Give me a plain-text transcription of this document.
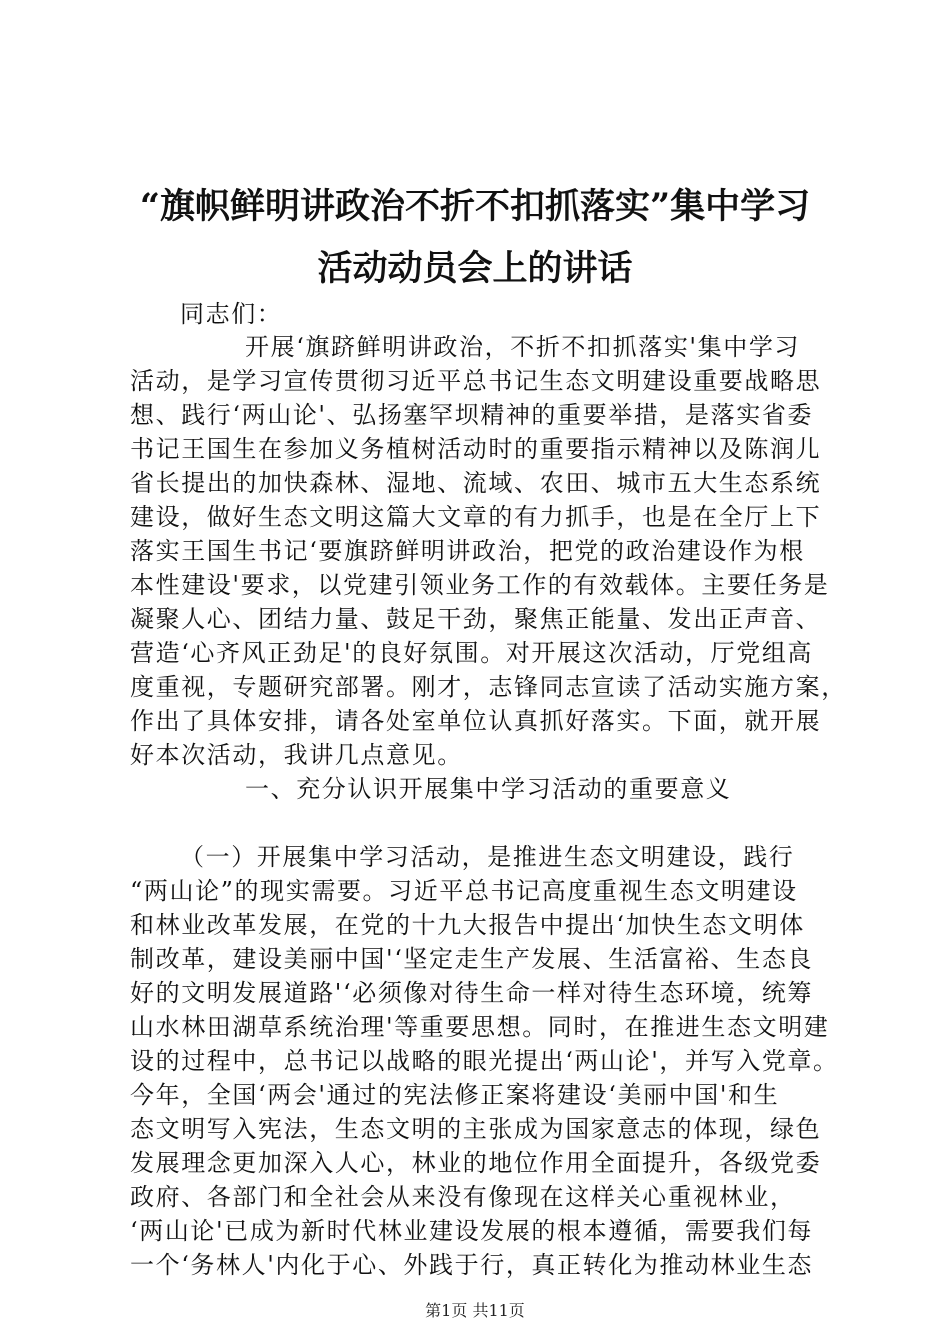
“旗帜鲜明讲政治不折不扣抓落实”集中学习
活动动员会上的讲话

同志们：

开展‘旗跻鲜明讲政治，不折不扣抓落实'集中学习

活动，是学习宣传贯彻习近平总书记生态文明建设重要战略思

想、践行‘两山论'、弘扬塞罕坝精神的重要举措，是落实省委

书记王国生在参加义务植树活动时的重要指示精神以及陈润儿

省长提出的加快森林、湿地、流域、农田、城市五大生态系统

建设，做好生态文明这篇大文章的有力抓手，也是在全厅上下

落实王国生书记‘要旗跻鲜明讲政治，把党的政治建设作为根

本性建设'要求，以党建引领业务工作的有效载体。主要任务是

凝聚人心、团结力量、鼓足干劲，聚焦正能量、发出正声音、

营造‘心齐风正劲足'的良好氛围。对开展这次活动，厅党组高

度重视，专题研究部署。刚才，志锋同志宣读了活动实施方案，

作出了具体安排，请各处室单位认真抓好落实。下面，就开展

好本次活动，我讲几点意见。

一、充分认识开展集中学习活动的重要意义

（一）开展集中学习活动，是推进生态文明建设，践行

“两山论”的现实需要。习近平总书记高度重视生态文明建设

和林业改革发展，在党的十九大报告中提出‘加快生态文明体

制改革，建设美丽中国'‘坚定走生产发展、生活富裕、生态良

好的文明发展道路'‘必须像对待生命一样对待生态环境，统筹

山水林田湖草系统治理'等重要思想。同时，在推进生态文明建

设的过程中，总书记以战略的眼光提出‘两山论'，并写入党章。

今年，全国‘两会'通过的宪法修正案将建设‘美丽中国'和生

态文明写入宪法，生态文明的主张成为国家意志的体现，绿色

发展理念更加深入人心，林业的地位作用全面提升，各级党委

政府、各部门和全社会从来没有像现在这样关心重视林业，

‘两山论'已成为新时代林业建设发展的根本遵循，需要我们每

一个‘务林人'内化于心、外践于行，真正转化为推动林业生态

第1页 共11页
